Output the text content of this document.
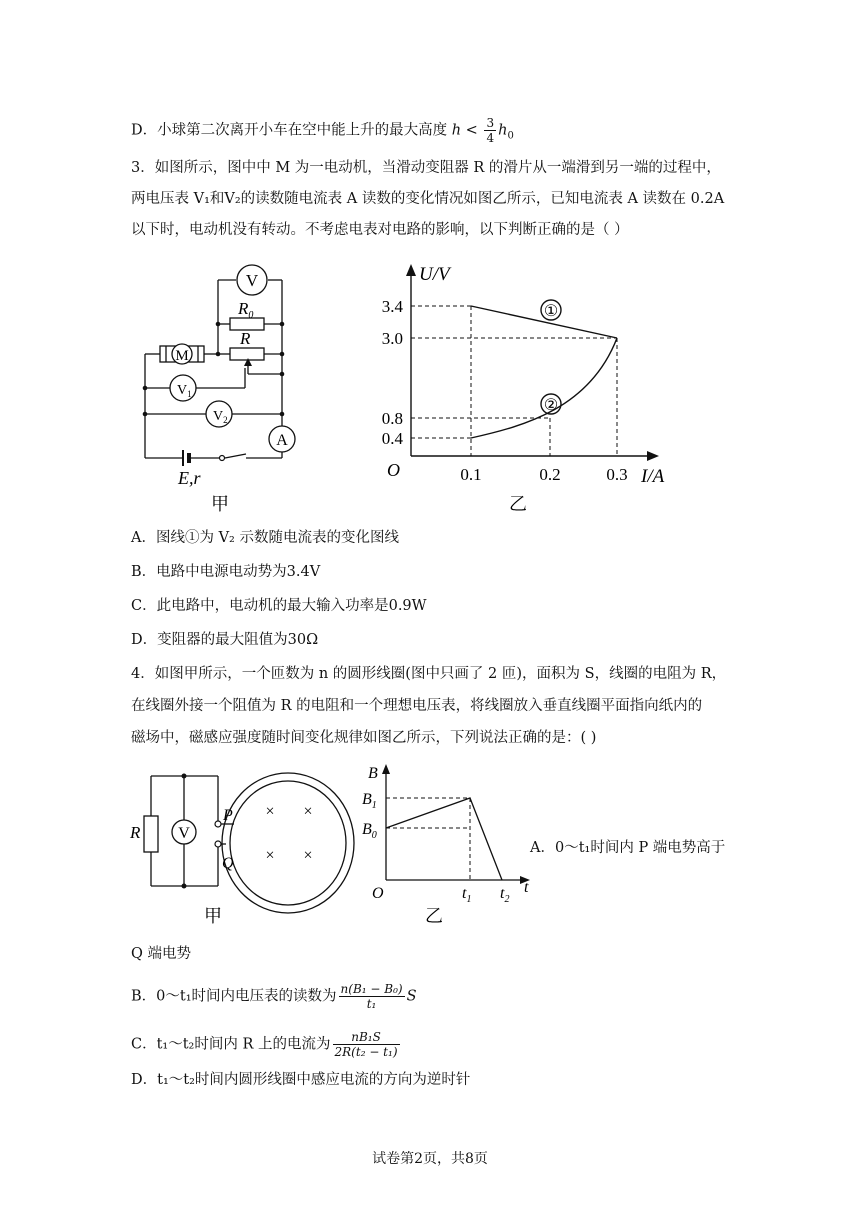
D．小球第二次离开小车在空中能上升的最大高度 $h < \frac{3}{4} h_0$
3．如图所示，图中中 M 为一电动机，当滑动变阻器 R 的滑片从一端滑到另一端的过程中，
两电压表 V₁和V₂的读数随电流表 A 读数的变化情况如图乙所示，已知电流表 A 读数在 0.2A
以下时，电动机没有转动。不考虑电表对电路的影响，以下判断正确的是（ ）
V
$R_0$
R
M
$V_1$
$V_2$
A
E,r
甲
①
②
U/V
I/A
O
3.4
3.0
0.8
0.4
0.1	0.2	0.3
乙
A．图线①为 V₂ 示数随电流表的变化图线
B．电路中电源电动势为3.4V
C．此电路中，电动机的最大输入功率是0.9W
D．变阻器的最大阻值为30Ω
4．如图甲所示，一个匝数为 n 的圆形线圈(图中只画了 2 匝)，面积为 S，线圈的电阻为 R，
在线圈外接一个阻值为 R 的电阻和一个理想电压表，将线圈放入垂直线圈平面指向纸内的
磁场中，磁感应强度随时间变化规律如图乙所示，下列说法正确的是：( )
R V
P
Q
× ×
× ×
甲
B
t
O
$B_1$
$B_0$
$t_1$ $t_2$
乙
A．0～t₁时间内 P 端电势高于
Q 端电势
B．0～t₁时间内电压表的读数为 $\frac{\text{n(B₁ − B₀)}}{\text{t₁}}$ S
C．t₁～t₂时间内 R 上的电流为 $\frac{\text{nB₁S}}{\text{2R(t₂ − t₁)}}$
D．t₁～t₂时间内圆形线圈中感应电流的方向为逆时针
试卷第2页，共8页
